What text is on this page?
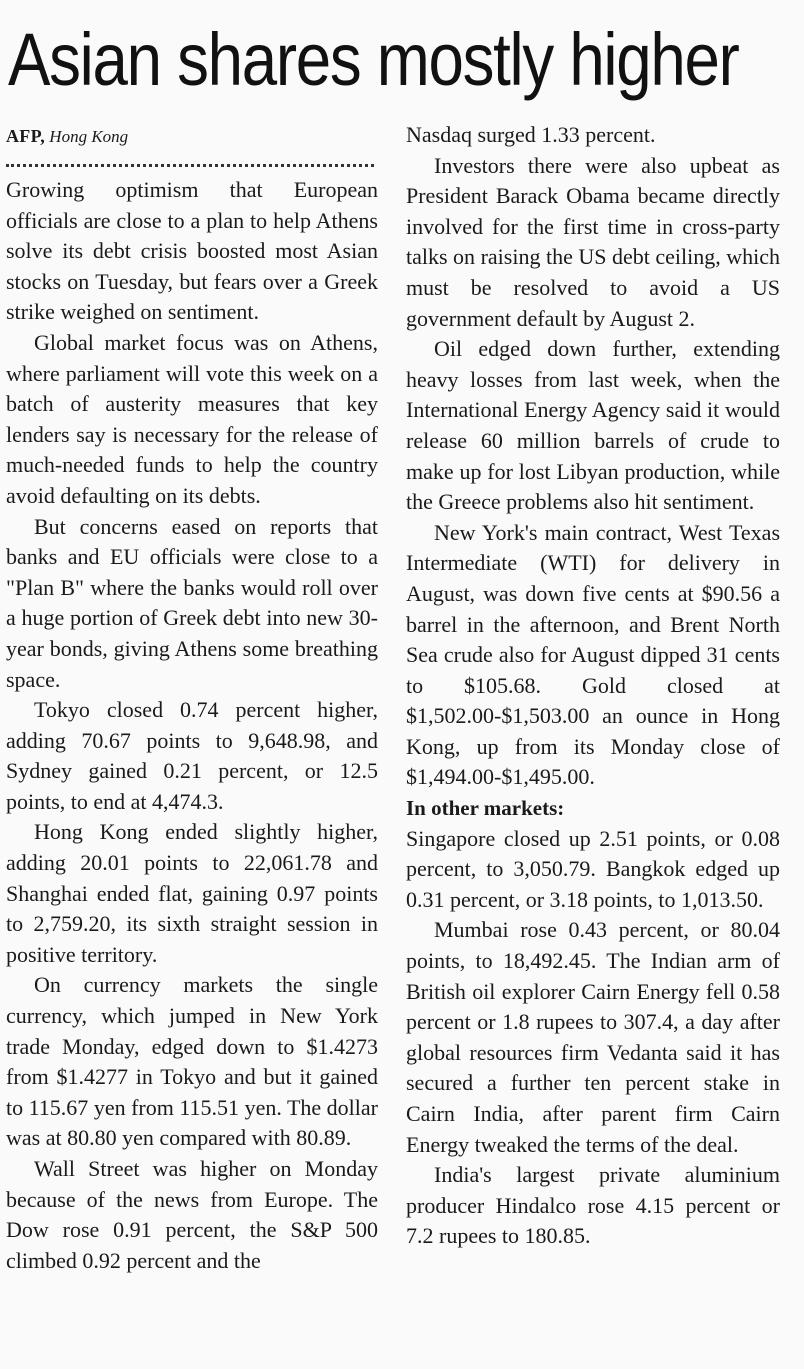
Asian shares mostly higher
AFP, Hong Kong

Growing optimism that European officials are close to a plan to help Athens solve its debt crisis boosted most Asian stocks on Tuesday, but fears over a Greek strike weighed on sentiment.

Global market focus was on Athens, where parliament will vote this week on a batch of austerity measures that key lenders say is necessary for the release of much-needed funds to help the country avoid defaulting on its debts.

But concerns eased on reports that banks and EU officials were close to a "Plan B" where the banks would roll over a huge portion of Greek debt into new 30-year bonds, giving Athens some breathing space.

Tokyo closed 0.74 percent higher, adding 70.67 points to 9,648.98, and Sydney gained 0.21 percent, or 12.5 points, to end at 4,474.3.

Hong Kong ended slightly higher, adding 20.01 points to 22,061.78 and Shanghai ended flat, gaining 0.97 points to 2,759.20, its sixth straight session in positive territory.

On currency markets the single currency, which jumped in New York trade Monday, edged down to $1.4273 from $1.4277 in Tokyo and but it gained to 115.67 yen from 115.51 yen. The dollar was at 80.80 yen compared with 80.89.

Wall Street was higher on Monday because of the news from Europe. The Dow rose 0.91 percent, the S&P 500 climbed 0.92 percent and the

Nasdaq surged 1.33 percent.

Investors there were also upbeat as President Barack Obama became directly involved for the first time in cross-party talks on raising the US debt ceiling, which must be resolved to avoid a US government default by August 2.

Oil edged down further, extending heavy losses from last week, when the International Energy Agency said it would release 60 million barrels of crude to make up for lost Libyan production, while the Greece problems also hit sentiment.

New York's main contract, West Texas Intermediate (WTI) for delivery in August, was down five cents at $90.56 a barrel in the afternoon, and Brent North Sea crude also for August dipped 31 cents to $105.68. Gold closed at $1,502.00-$1,503.00 an ounce in Hong Kong, up from its Monday close of $1,494.00-$1,495.00.

In other markets:

Singapore closed up 2.51 points, or 0.08 percent, to 3,050.79. Bangkok edged up 0.31 percent, or 3.18 points, to 1,013.50.

Mumbai rose 0.43 percent, or 80.04 points, to 18,492.45. The Indian arm of British oil explorer Cairn Energy fell 0.58 percent or 1.8 rupees to 307.4, a day after global resources firm Vedanta said it has secured a further ten percent stake in Cairn India, after parent firm Cairn Energy tweaked the terms of the deal.

India's largest private aluminium producer Hindalco rose 4.15 percent or 7.2 rupees to 180.85.
